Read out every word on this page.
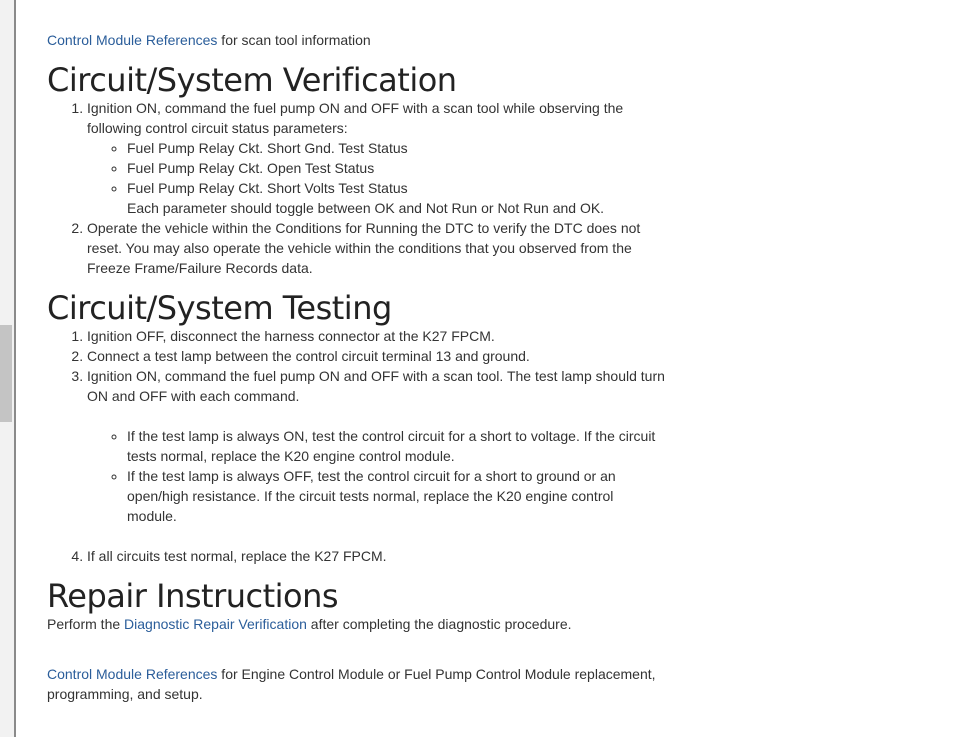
Control Module References for scan tool information

Circuit/System Verification
1. Ignition ON, command the fuel pump ON and OFF with a scan tool while observing the following control circuit status parameters:
◦ Fuel Pump Relay Ckt. Short Gnd. Test Status
◦ Fuel Pump Relay Ckt. Open Test Status
◦ Fuel Pump Relay Ckt. Short Volts Test Status
Each parameter should toggle between OK and Not Run or Not Run and OK.
2. Operate the vehicle within the Conditions for Running the DTC to verify the DTC does not reset. You may also operate the vehicle within the conditions that you observed from the Freeze Frame/Failure Records data.
Circuit/System Testing
1. Ignition OFF, disconnect the harness connector at the K27 FPCM.
2. Connect a test lamp between the control circuit terminal 13 and ground.
3. Ignition ON, command the fuel pump ON and OFF with a scan tool. The test lamp should turn ON and OFF with each command.
◦ If the test lamp is always ON, test the control circuit for a short to voltage. If the circuit tests normal, replace the K20 engine control module.
◦ If the test lamp is always OFF, test the control circuit for a short to ground or an open/high resistance. If the circuit tests normal, replace the K20 engine control module.
4. If all circuits test normal, replace the K27 FPCM.
Repair Instructions

Perform the Diagnostic Repair Verification after completing the diagnostic procedure.

Control Module References for Engine Control Module or Fuel Pump Control Module replacement, programming, and setup.
